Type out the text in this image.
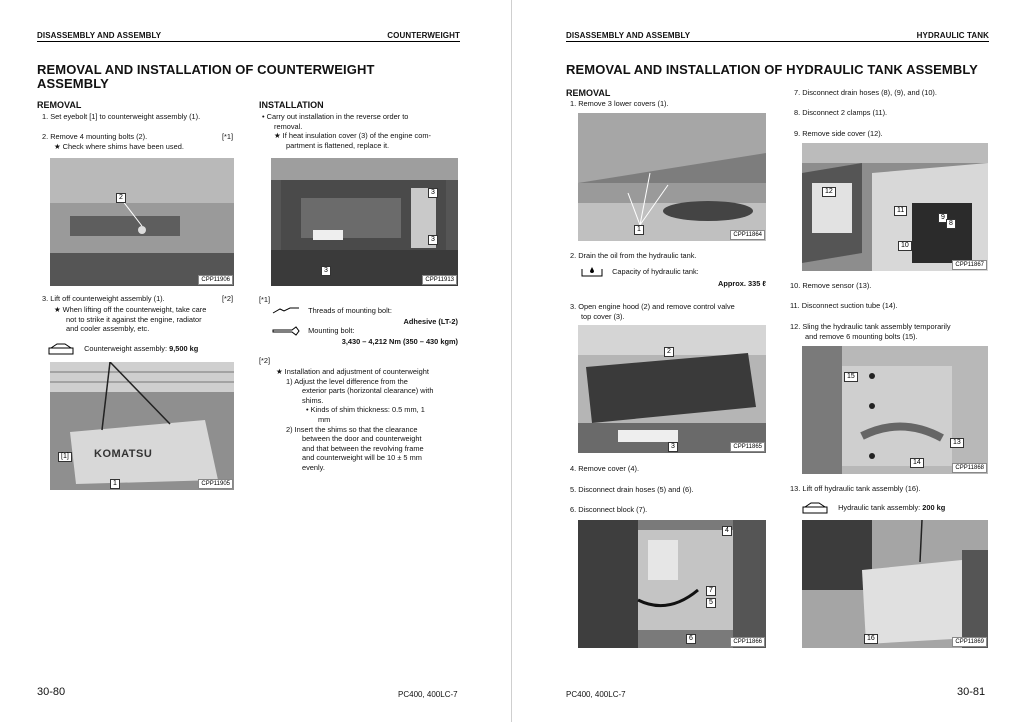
DISASSEMBLY AND ASSEMBLY	COUNTERWEIGHT
REMOVAL AND INSTALLATION OF COUNTERWEIGHT
ASSEMBLY
REMOVAL
1. Set eyebolt [1] to counterweight assembly (1).
2. Remove 4 mounting bolts (2).	[*1]
★ Check where shims have been used.
2
CPP11906
3. Lift off counterweight assembly (1).	[*2]
★ When lifting off the counterweight, take care
not to strike it against the engine, radiator
and cooler assembly, etc.
Counterweight assembly: 9,500 kg
KOMATSU
[1]
1	CPP11905
INSTALLATION
• Carry out installation in the reverse order to
removal.
★ If heat insulation cover (3) of the engine com-
partment is flattened, replace it.
3
3
3
CPP11913
[*1]
Threads of mounting bolt:
Adhesive (LT-2)
Mounting bolt:
3,430 – 4,212 Nm (350 – 430 kgm)
[*2]
★ Installation and adjustment of counterweight
1) Adjust the level difference from the
exterior parts (horizontal clearance) with
shims.
• Kinds of shim thickness: 0.5 mm, 1
mm
2) Insert the shims so that the clearance
between the door and counterweight
and that between the revolving frame
and counterweight will be 10 ± 5 mm
evenly.
30-80	PC400, 400LC-7
DISASSEMBLY AND ASSEMBLY	HYDRAULIC TANK
REMOVAL AND INSTALLATION OF HYDRAULIC TANK ASSEMBLY
REMOVAL
1. Remove 3 lower covers (1).
1
CPP11864
2. Drain the oil from the hydraulic tank.
Capacity of hydraulic tank:
Approx. 335 ℓ
3. Open engine hood (2) and remove control valve
top cover (3).
2
3	CPP11865
4. Remove cover (4).
5. Disconnect drain hoses (5) and (6).
6. Disconnect block (7).
4
7
5
6	CPP11866
7. Disconnect drain hoses (8), (9), and (10).
8. Disconnect 2 clamps (11).
9. Remove side cover (12).
12
11
9
8
10
CPP11867
10. Remove sensor (13).
11. Disconnect suction tube (14).
12. Sling the hydraulic tank assembly temporarily
and remove 6 mounting bolts (15).
15
13
14
CPP11868
13. Lift off hydraulic tank assembly (16).
Hydraulic tank assembly: 200 kg
16	CPP11869
PC400, 400LC-7	30-81
